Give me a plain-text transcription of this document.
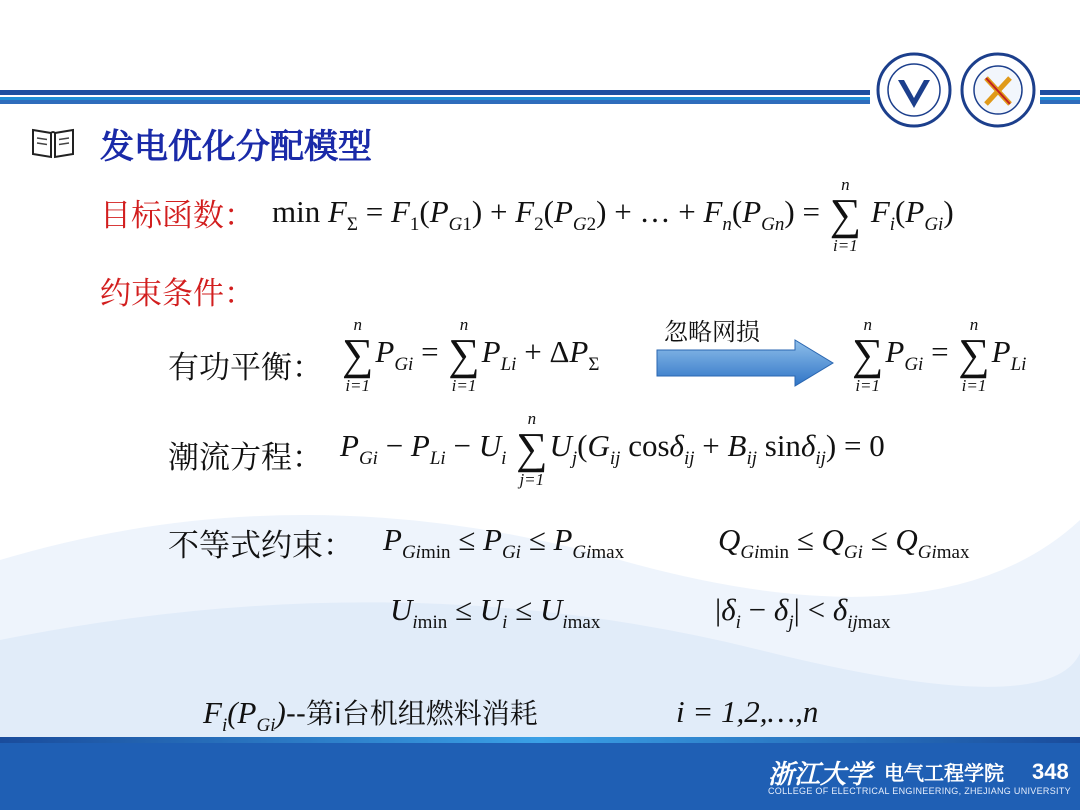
发电优化分配模型
目标函数： $\min F_\Sigma = F_1(P_{G1}) + F_2(P_{G2})$ + … + $F_n(P_{Gn})$ =
n
∑
i=1
$F_i(P_{Gi})$
约束条件：
有功平衡：
n
∑
i=1
$P_{Gi}$ =
n
∑
i=1
$P_{Li} + \Delta P_\Sigma$
忽略网损	n
∑
i=1
$P_{Gi}$ =
n
∑
i=1
$P_{Li}$
潮流方程： $P_{Gi} - P_{Li} - U_i$
n
∑
j=1
$U_j(G_{ij}$ $\cos\delta_{ij} + B_{ij}$ sinδ$_{ij}$) = 0
不等式约束： $P_{Gimin} \le P_{Gi} \le P_{Gimax}$	$Q_{Gimin} \le Q_{Gi} \le Q_{Gimax}$
$U_{imin} \le U_i \le U_{imax}$	$|\delta_i - \delta_j| < \delta_{ijmax}$
$F_i(P_{Gi})--$第i台机组燃料消耗	i = 1,2,…,n
浙江大学 电气工程学院
COLLEGE OF ELECTRICAL ENGINEERING, ZHEJIANG UNIVERSITY
348
